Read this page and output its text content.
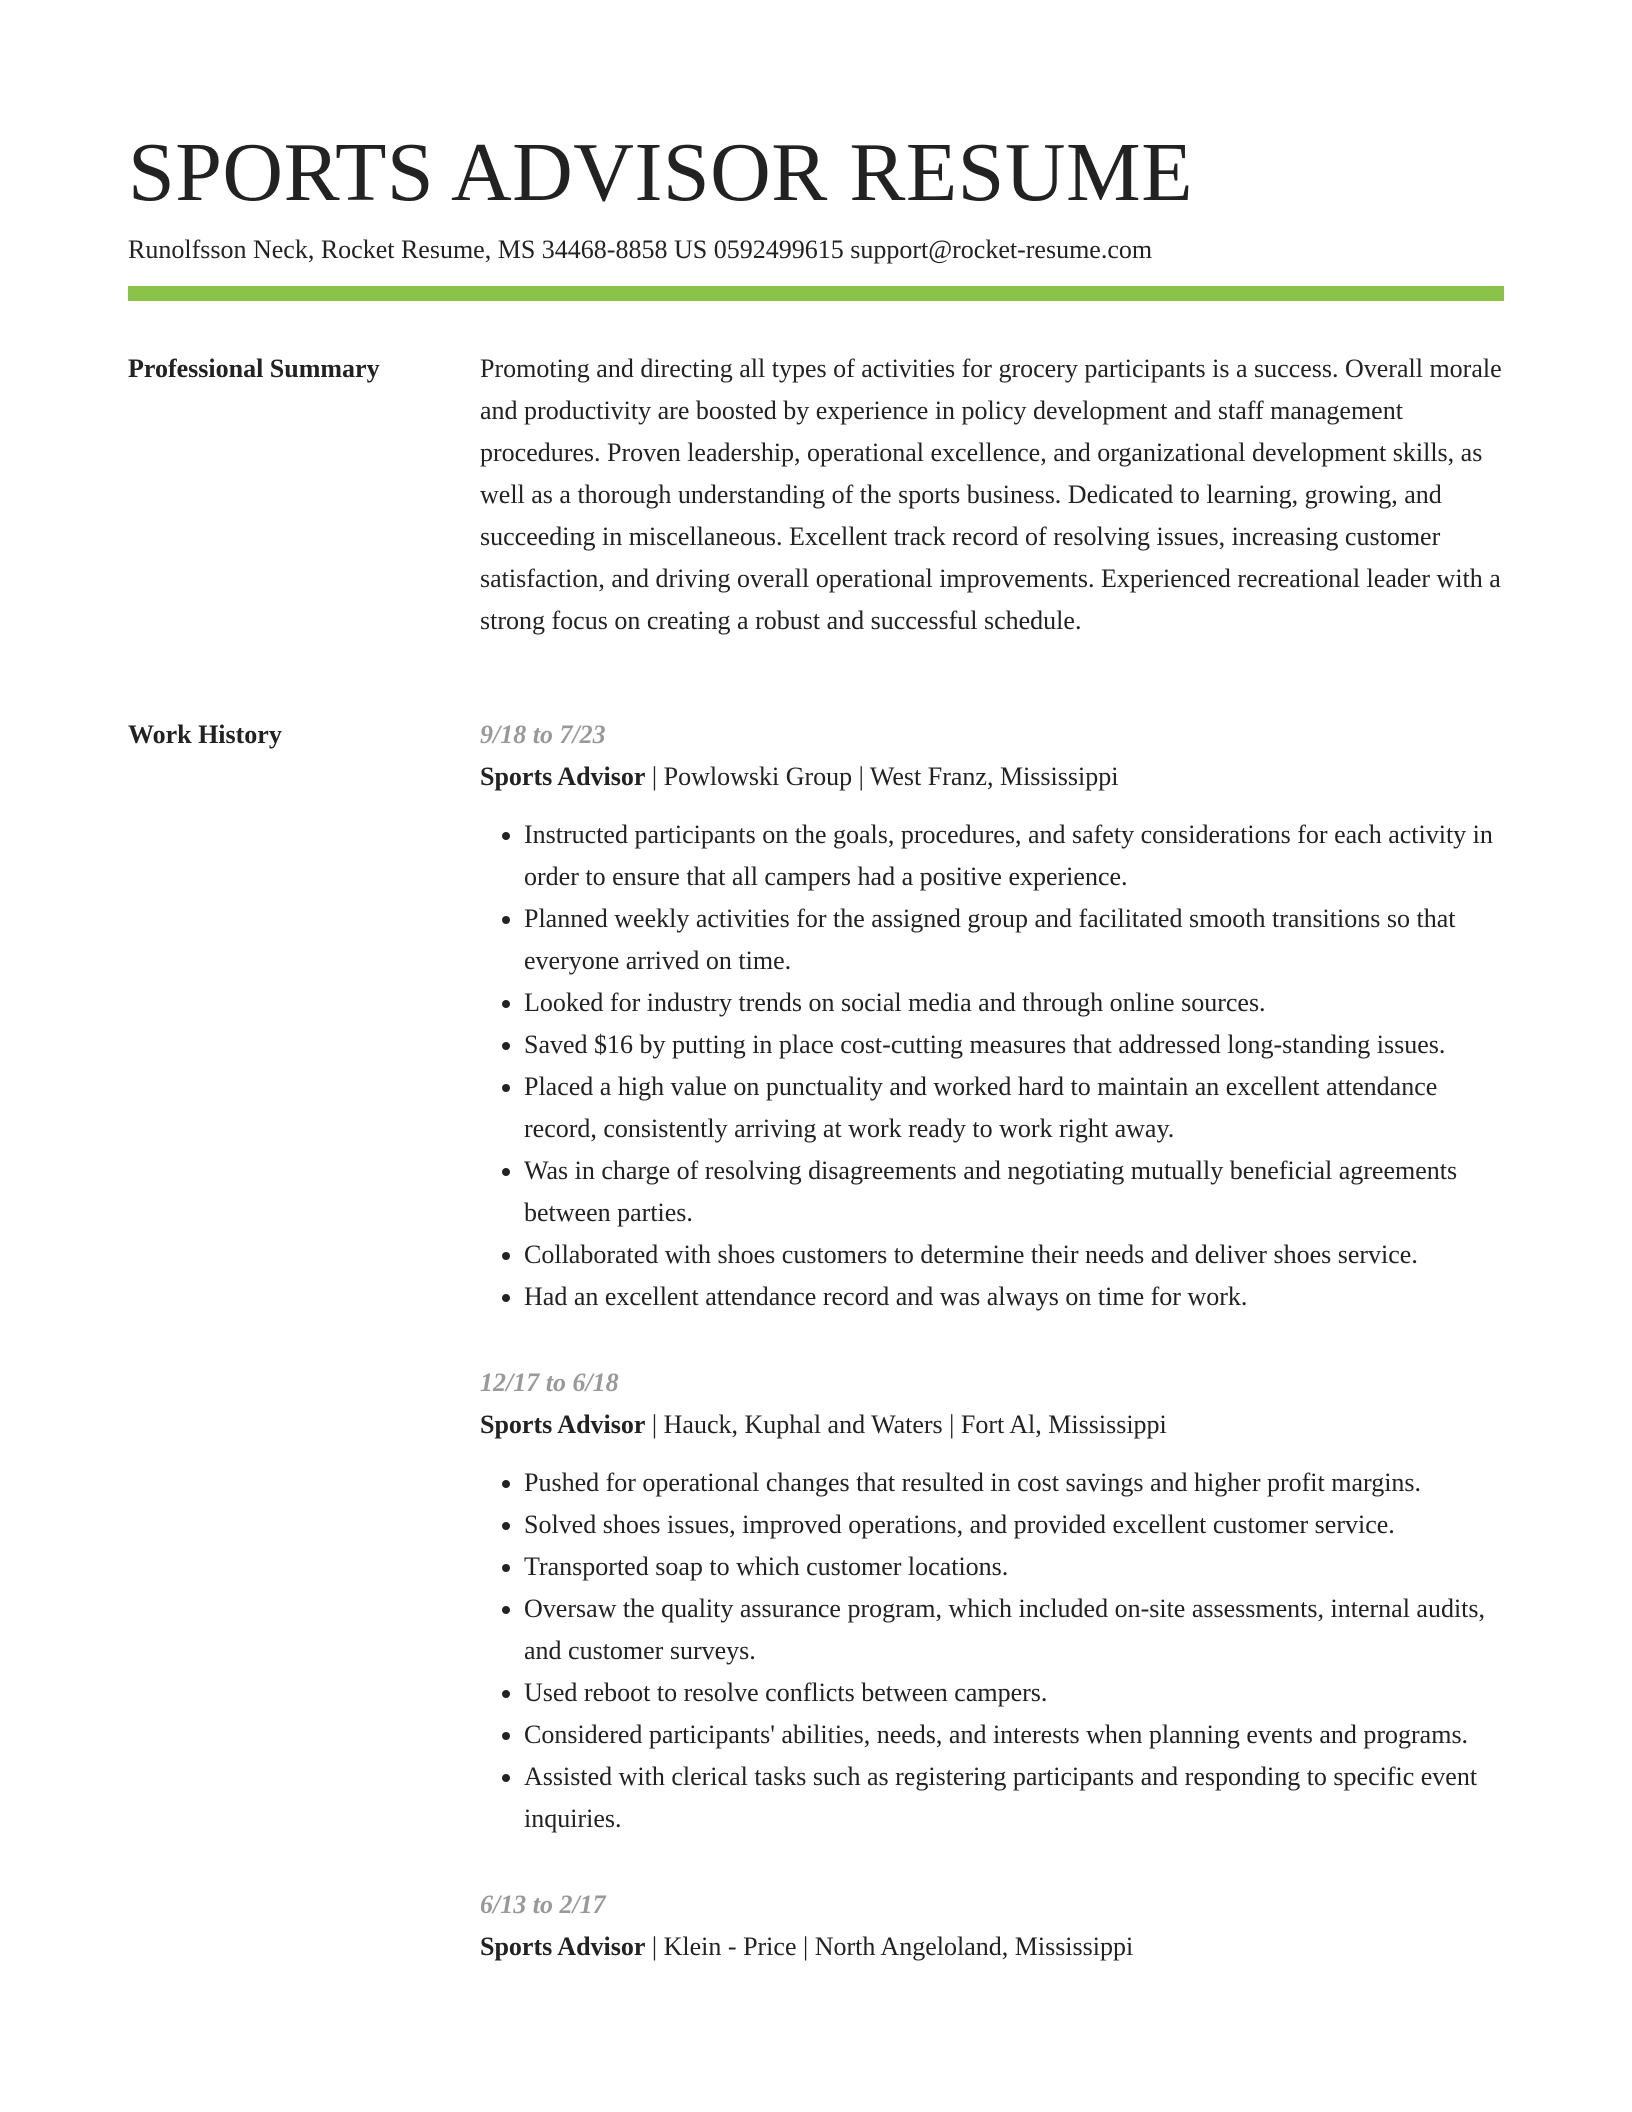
SPORTS ADVISOR RESUME
Runolfsson Neck, Rocket Resume, MS 34468-8858 US 0592499615 support@rocket-resume.com
Professional Summary	Promoting and directing all types of activities for grocery participants is a success. Overall morale and productivity are boosted by experience in policy development and staff management procedures. Proven leadership, operational excellence, and organizational development skills, as well as a thorough understanding of the sports business. Dedicated to learning, growing, and succeeding in miscellaneous. Excellent track record of resolving issues, increasing customer satisfaction, and driving overall operational improvements. Experienced recreational leader with a strong focus on creating a robust and successful schedule.

Work History	9/18 to 7/23
Sports Advisor | Powlowski Group | West Franz, Mississippi
• Instructed participants on the goals, procedures, and safety considerations for each activity in order to ensure that all campers had a positive experience.
• Planned weekly activities for the assigned group and facilitated smooth transitions so that everyone arrived on time.
• Looked for industry trends on social media and through online sources.
• Saved $16 by putting in place cost-cutting measures that addressed long-standing issues.
• Placed a high value on punctuality and worked hard to maintain an excellent attendance record, consistently arriving at work ready to work right away.
• Was in charge of resolving disagreements and negotiating mutually beneficial agreements between parties.
• Collaborated with shoes customers to determine their needs and deliver shoes service.
• Had an excellent attendance record and was always on time for work.
12/17 to 6/18
Sports Advisor | Hauck, Kuphal and Waters | Fort Al, Mississippi
• Pushed for operational changes that resulted in cost savings and higher profit margins.
• Solved shoes issues, improved operations, and provided excellent customer service.
• Transported soap to which customer locations.
• Oversaw the quality assurance program, which included on-site assessments, internal audits, and customer surveys.
• Used reboot to resolve conflicts between campers.
• Considered participants' abilities, needs, and interests when planning events and programs.
• Assisted with clerical tasks such as registering participants and responding to specific event inquiries.
6/13 to 2/17
Sports Advisor | Klein - Price | North Angeloland, Mississippi
